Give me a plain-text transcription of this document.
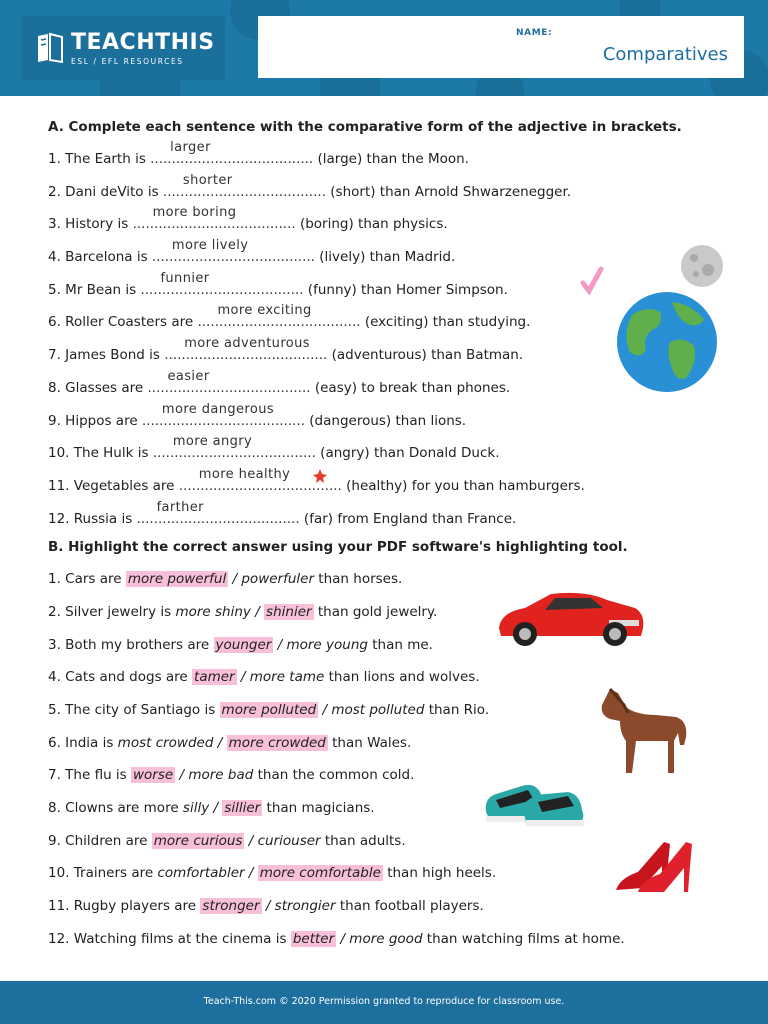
TEACHTHIS
ESL / EFL RESOURCES
NAME:
Comparatives
A. Complete each sentence with the comparative form of the adjective in brackets.
1. The Earth is ......................................
larger
(large) than the Moon.
2. Dani deVito is ......................................
shorter
(short) than Arnold Shwarzenegger.
3. History is ......................................
more boring
(boring) than physics.
4. Barcelona is ......................................
more lively
(lively) than Madrid.
5. Mr Bean is ......................................
funnier
(funny) than Homer Simpson.
6. Roller Coasters are ......................................
more exciting
(exciting) than studying.
7. James Bond is ......................................
more adventurous
(adventurous) than Batman.
8. Glasses are ......................................
easier
(easy) to break than phones.
9. Hippos are ......................................
more dangerous
(dangerous) than lions.
10. The Hulk is ......................................
more angry
(angry) than Donald Duck.
11. Vegetables are ......................................
more healthy
(healthy) for you than hamburgers.
12. Russia is ......................................
farther
(far) from England than France.
B. Highlight the correct answer using your PDF software's highlighting tool.
1. Cars are more powerful / powerfuler than horses.
2. Silver jewelry is more shiny / shinier than gold jewelry.
3. Both my brothers are younger / more young than me.
4. Cats and dogs are tamer / more tame than lions and wolves.
5. The city of Santiago is more polluted / most polluted than Rio.
6. India is most crowded / more crowded than Wales.
7. The flu is worse / more bad than the common cold.
8. Clowns are more silly / sillier than magicians.
9. Children are more curious / curiouser than adults.
10. Trainers are comfortabler / more comfortable than high heels.
11. Rugby players are stronger / strongier than football players.
12. Watching films at the cinema is better / more good than watching films at home.
Teach-This.com © 2020 Permission granted to reproduce for classroom use.
